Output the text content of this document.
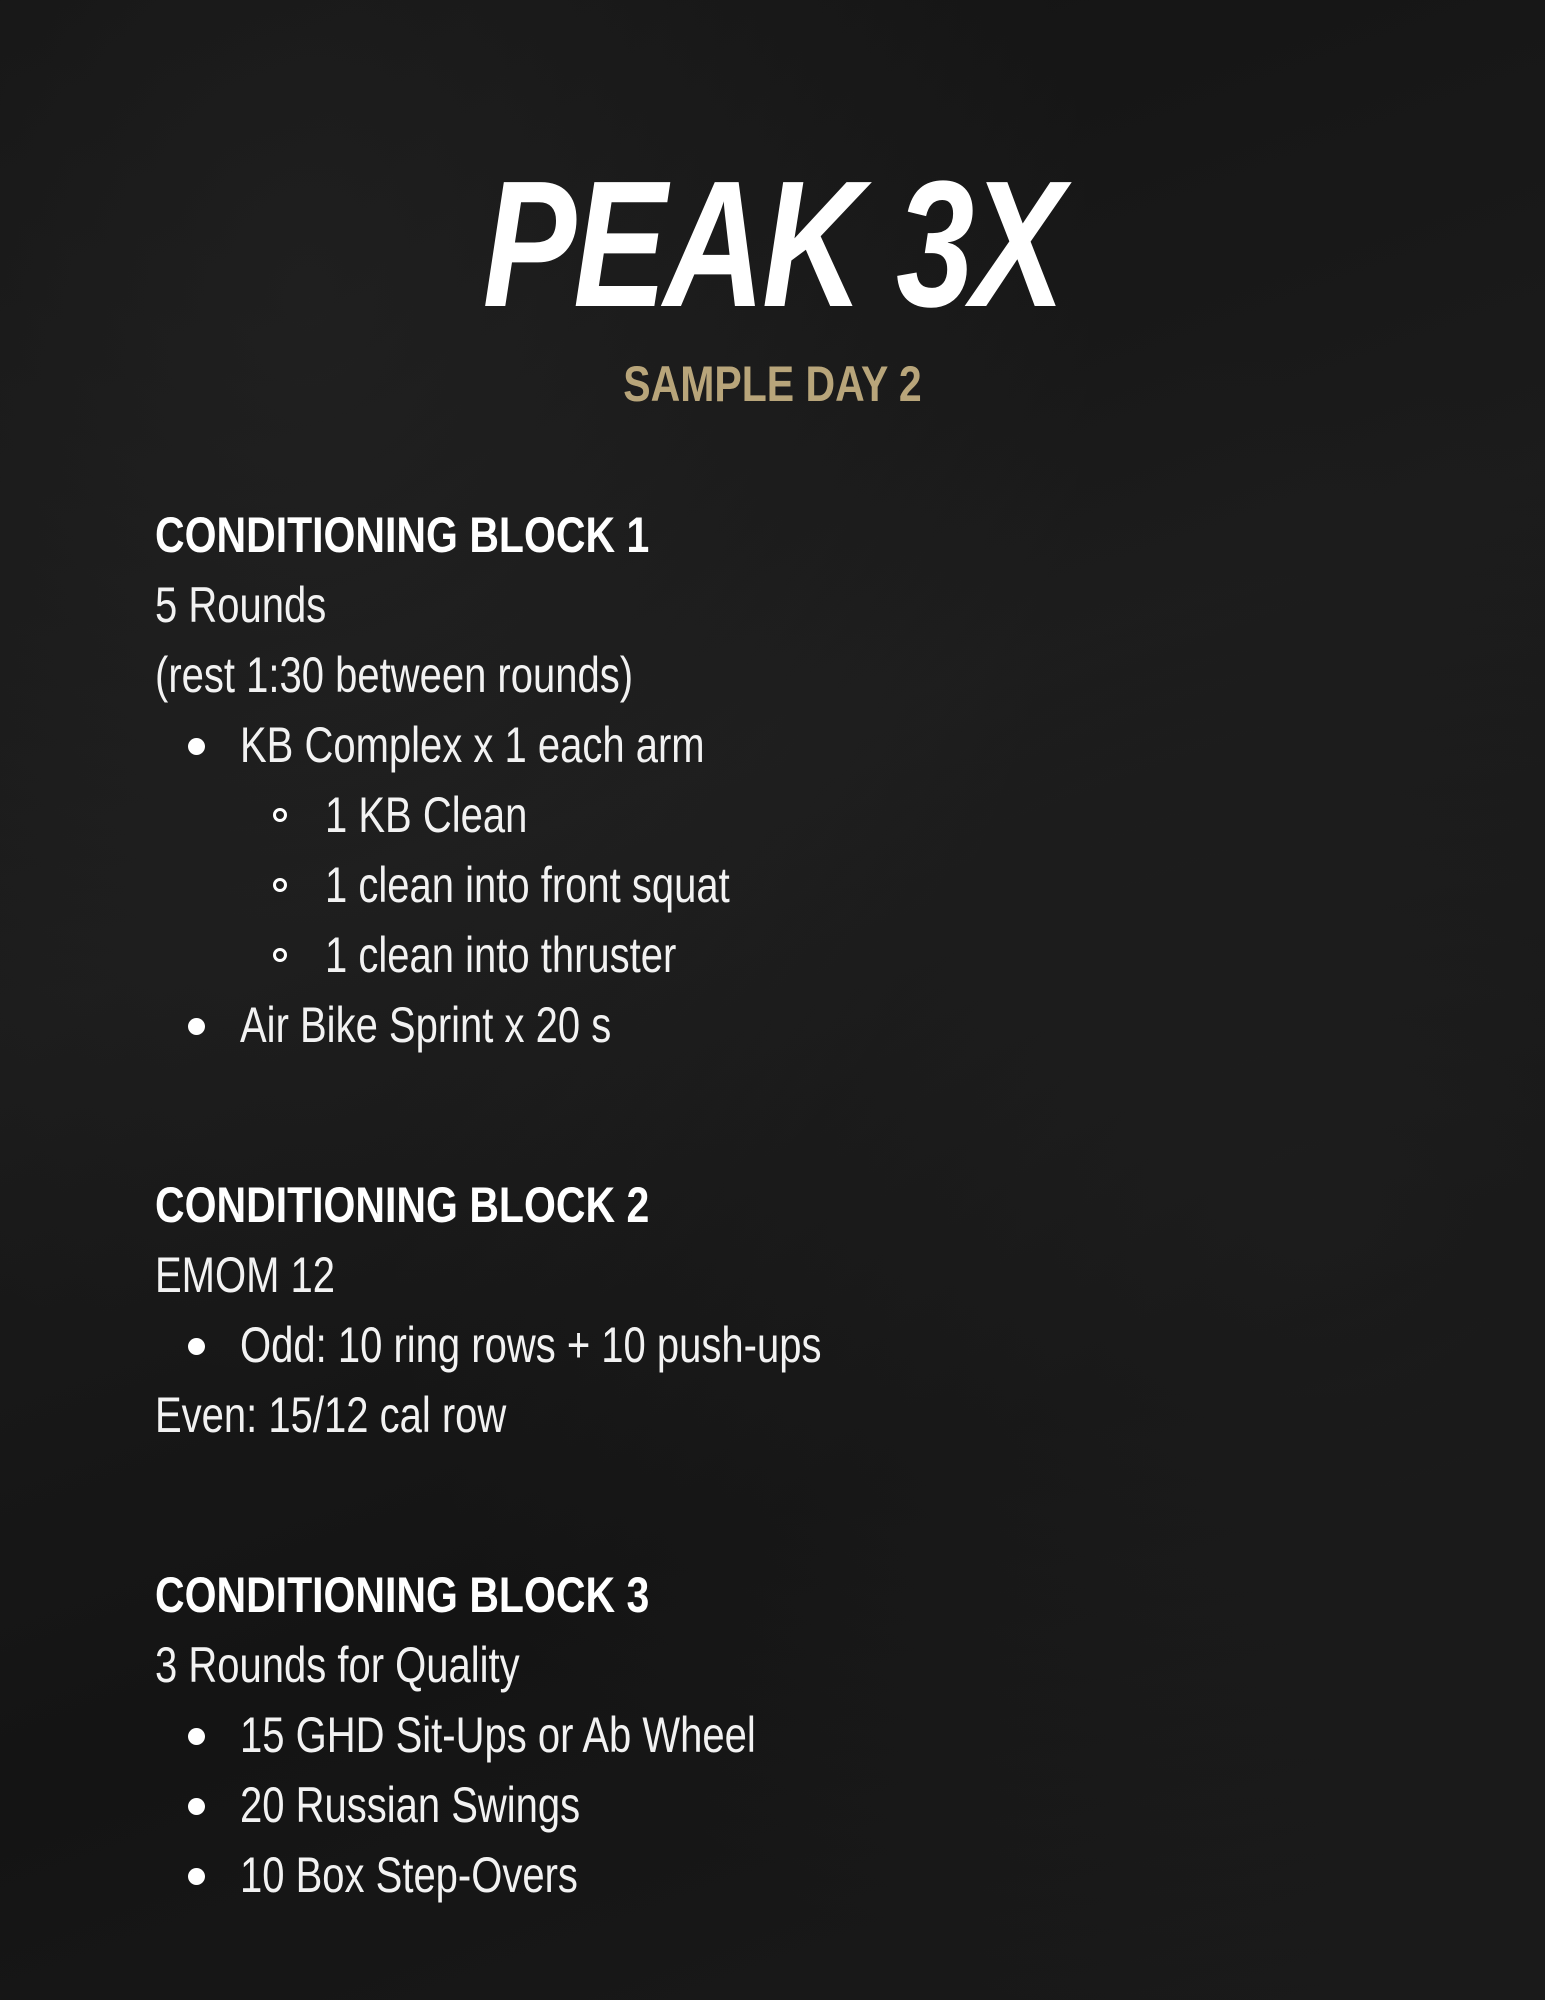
PEAK 3X
SAMPLE DAY 2
CONDITIONING BLOCK 1
5 Rounds
(rest 1:30 between rounds)
KB Complex x 1 each arm
1 KB Clean
1 clean into front squat
1 clean into thruster
Air Bike Sprint x 20 s
CONDITIONING BLOCK 2
EMOM 12
Odd: 10 ring rows + 10 push-ups
Even: 15/12 cal row
CONDITIONING BLOCK 3
3 Rounds for Quality
15 GHD Sit-Ups or Ab Wheel
20 Russian Swings
10 Box Step-Overs
